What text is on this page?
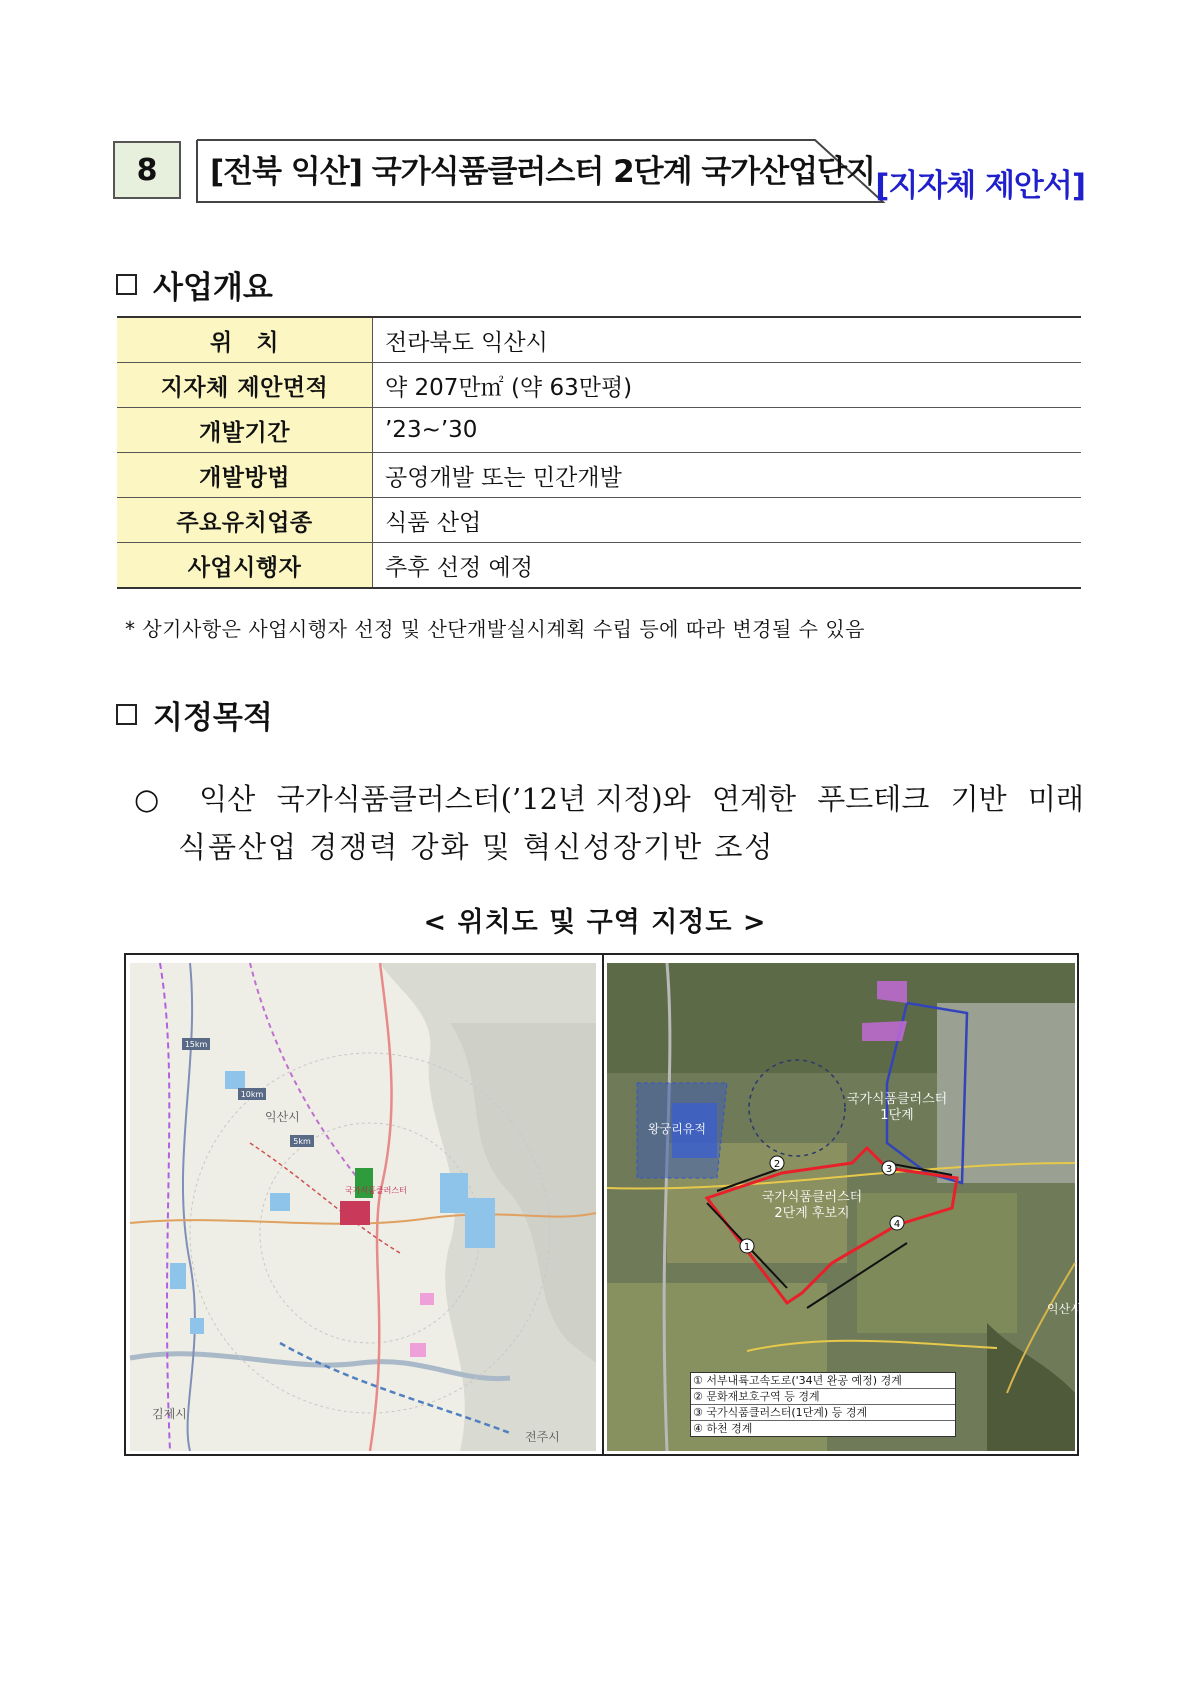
8	[전북 익산] 국가식품클러스터 2단계 국가산업단지 [지자체 제안서]
사업개요
위　치	전라북도 익산시
지자체 제안면적	약 207만㎡ (약 63만평)
개발기간	’23~’30
개발방법	공영개발 또는 민간개발
주요유치업종	식품 산업
사업시행자	추후 선정 예정
* 상기사항은 사업시행자 선정 및 산단개발실시계획 수립 등에 따라 변경될 수 있음
지정목적
○	익산 국가식품클러스터(’12년 지정)와 연계한 푸드테크 기반 미래
식품산업 경쟁력 강화 및 혁신성장기반 조성
< 위치도 및 구역 지정도 >
15km
10km
5km
익산시
국가식품클러스터
김제시
전주시
1
2	3
4
국가식품클러스터
2단계 후보지
국가식품클러스터
1단계
왕궁리유적
익산시
① 서부내륙고속도로('34년 완공 예정) 경계
② 문화재보호구역 등 경계
③ 국가식품클러스터(1단계) 등 경계
④ 하천 경계
